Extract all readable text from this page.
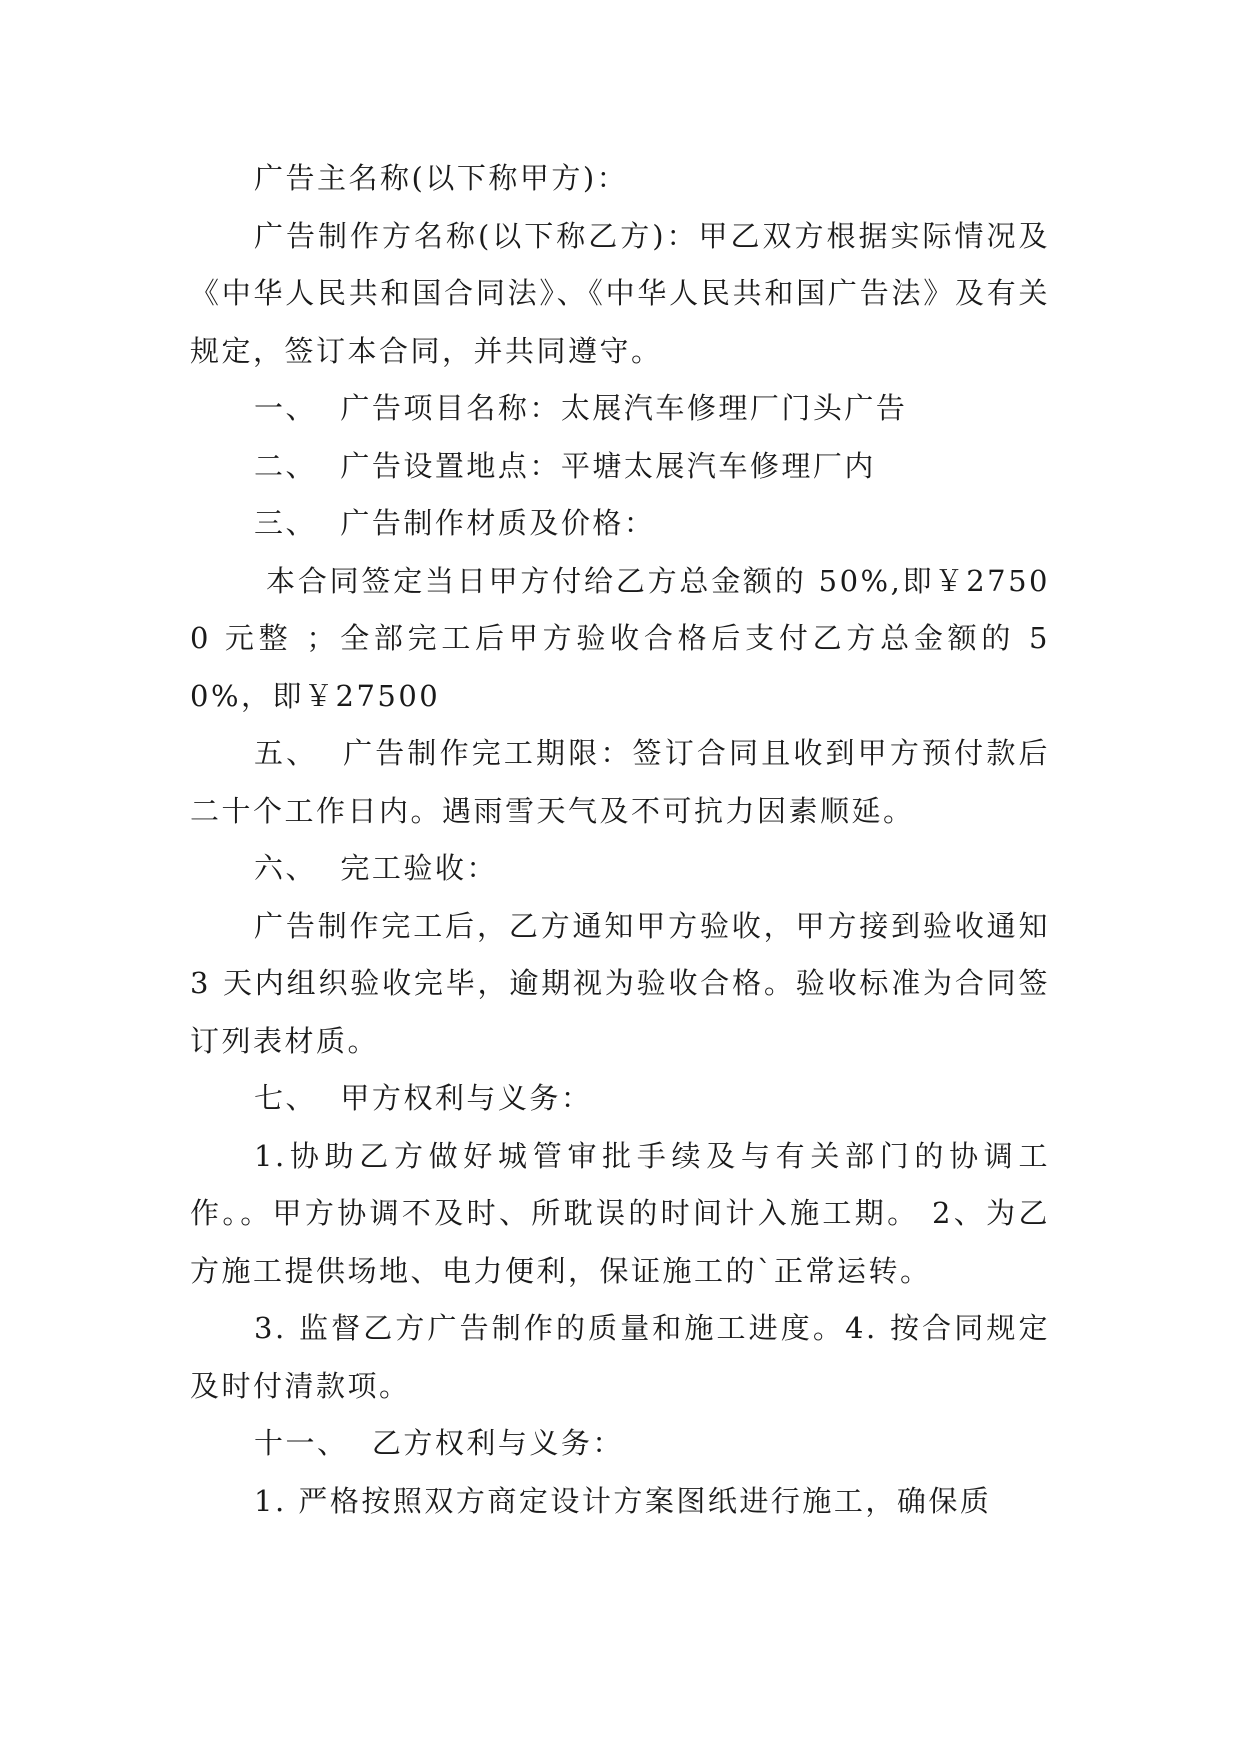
广告主名称(以下称甲方)：

广告制作方名称(以下称乙方)：甲乙双方根据实际情况及《中华人民共和国合同法》、《中华人民共和国广告法》及有关规定，签订本合同，并共同遵守。

一、  广告项目名称：太展汽车修理厂门头广告

二、  广告设置地点：平塘太展汽车修理厂内

三、  广告制作材质及价格：

本合同签定当日甲方付给乙方总金额的 50%,即￥27500 元整 ；全部完工后甲方验收合格后支付乙方总金额的 50%，即￥27500

五、  广告制作完工期限：签订合同且收到甲方预付款后二十个工作日内。遇雨雪天气及不可抗力因素顺延。

六、  完工验收：

广告制作完工后，乙方通知甲方验收，甲方接到验收通知 3 天内组织验收完毕，逾期视为验收合格。验收标准为合同签订列表材质。

七、  甲方权利与义务：

1.协助乙方做好城管审批手续及与有关部门的协调工作。。甲方协调不及时、所耽误的时间计入施工期。 2、为乙方施工提供场地、电力便利，保证施工的`正常运转。

3. 监督乙方广告制作的质量和施工进度。4. 按合同规定及时付清款项。

十一、  乙方权利与义务：

1. 严格按照双方商定设计方案图纸进行施工，确保质
